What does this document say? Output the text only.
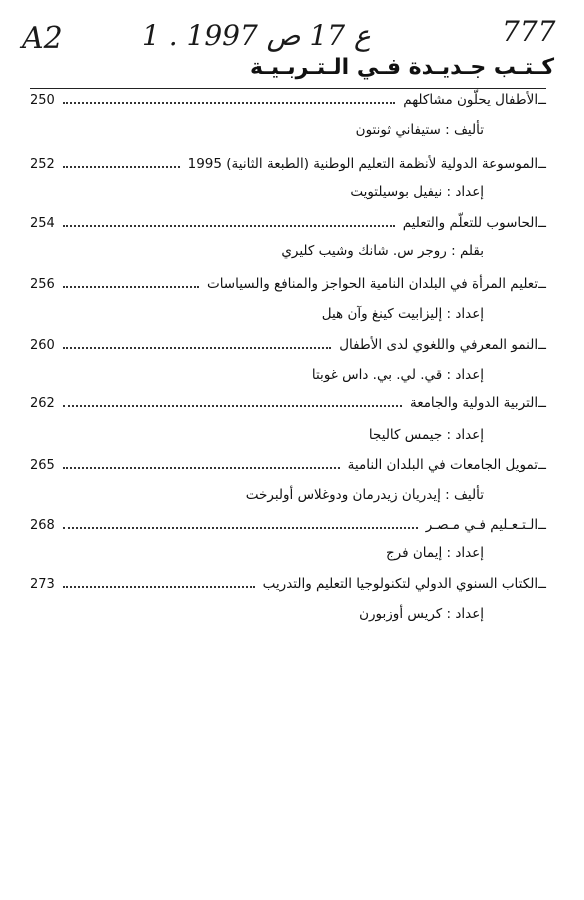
A2	1 . ع 17 ص 1997	777
كـتـب جـديـدة فـي الـتـربـيـة
ــ
الأطفال يحلّون مشاكلهم
250
تأليف : ستيفاني ثونتون
ــ
الموسوعة الدولية لأنظمة التعليم الوطنية (الطبعة الثانية) 1995
252
إعداد : نيفيل بوسيلتويت
ــ
الحاسوب للتعلّم والتعليم
254
بقلم : روجر س. شانك وشيب كليري
ــ
تعليم المرأة في البلدان النامية الحواجز والمنافع والسياسات
256
إعداد : إليزابيت كينغ وآن هيل
ــ
النمو المعرفي واللغوي لدى الأطفال
260
إعداد : قي. لي. بي. داس غوبتا
ــ
التربية الدولية والجامعة
262
إعداد : جيمس كاليجا
ــ
تمويل الجامعات في البلدان النامية
265
تأليف : إيدريان زيدرمان ودوغلاس أولبرخت
ــ
الـتـعـليم فـي مـصـر
268
إعداد : إيمان فرج
ــ
الكتاب السنوي الدولي لتكنولوجيا التعليم والتدريب
273
إعداد : كريس أوزبورن
